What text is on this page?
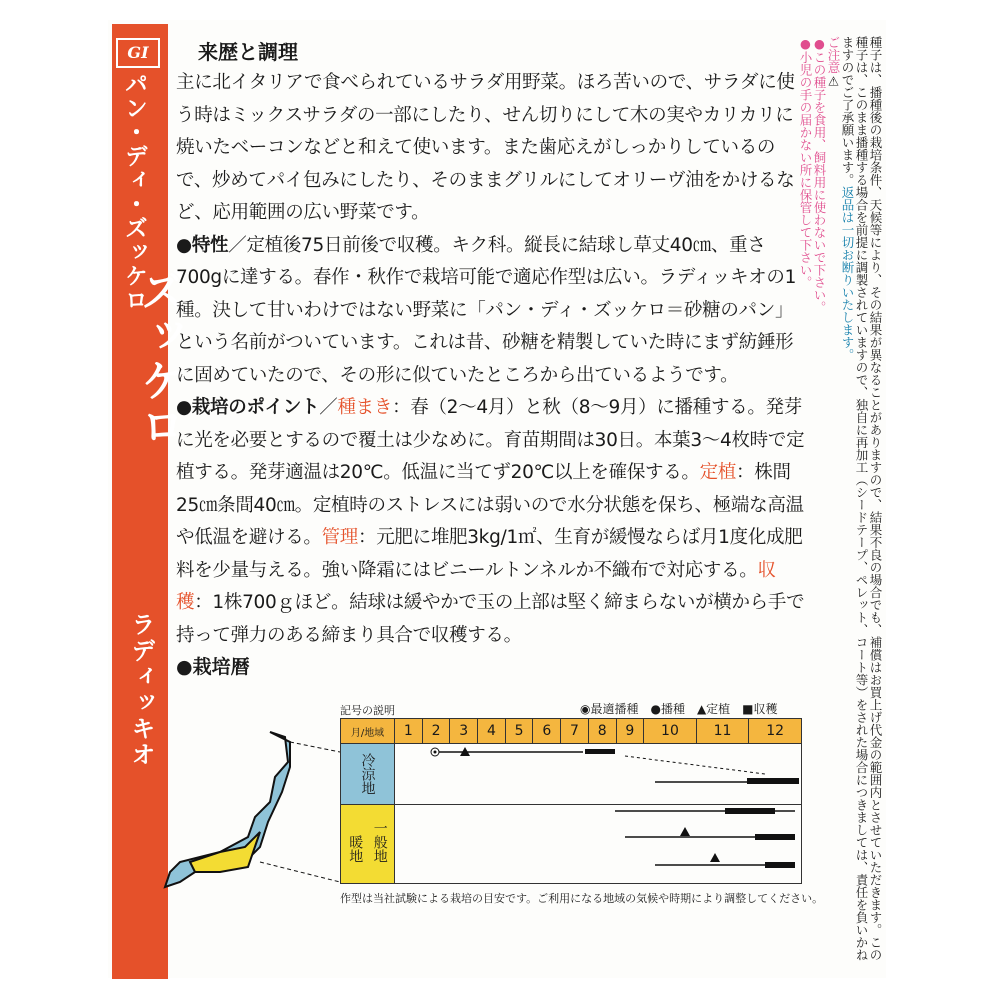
GI
パン・ディ・ズッケロ
ズッケロ
ラディッキオ
来歴と調理
主に北イタリアで食べられているサラダ用野菜。ほろ苦いので、サラダに使う時はミックスサラダの一部にしたり、せん切りにして木の実やカリカリに焼いたベーコンなどと和えて使います。また歯応えがしっかりしているので、炒めてパイ包みにしたり、そのままグリルにしてオリーヴ油をかけるなど、応用範囲の広い野菜です。
●特性／定植後75日前後で収穫。キク科。縦長に結球し草丈40㎝、重さ700gに達する。春作・秋作で栽培可能で適応作型は広い。ラディッキオの1種。決して甘いわけではない野菜に「パン・ディ・ズッケロ＝砂糖のパン」という名前がついています。これは昔、砂糖を精製していた時にまず紡錘形に固めていたので、その形に似ていたところから出ているようです。
●栽培のポイント／種まき：春（2～4月）と秋（8～9月）に播種する。発芽に光を必要とするので覆土は少なめに。育苗期間は30日。本葉3～4枚時で定植する。発芽適温は20℃。低温に当てず20℃以上を確保する。定植：株間25㎝条間40㎝。定植時のストレスには弱いので水分状態を保ち、極端な高温や低温を避ける。管理：元肥に堆肥3kg/1㎡、生育が緩慢ならば月1度化成肥料を少量与える。強い降霜にはビニールトンネルか不織布で対応する。収穫：1株700ｇほど。結球は緩やかで玉の上部は堅く締まらないが横から手で持って弾力のある締まり具合で収穫する。
●栽培暦
記号の説明	◉最適播種　●播種　▲定植　■収穫
月/地域	1	2	3	4	5	6	7	8	9	10	11	12
冷涼地	
暖地 一般地	
作型は当社試験による栽培の目安です。ご利用になる地域の気候や時期により調整してください。	種子は、播種後の栽培条件、天候等により、その結果が異なることがありますので、結果不良の場合でも、補償はお買上げ代金の範囲内とさせていただきます。この種子は、このまま播種する場合を前提に調製されていますので、独自に再加工（シードテープ、ペレット、コート等）をされた場合につきましては、責任を負いかねますのでご了承願います。返品は一切お断りいたします。
ご注意⚠
●この種子を食用、飼料用に使わないで下さい。
●小児の手の届かない所に保管して下さい。
